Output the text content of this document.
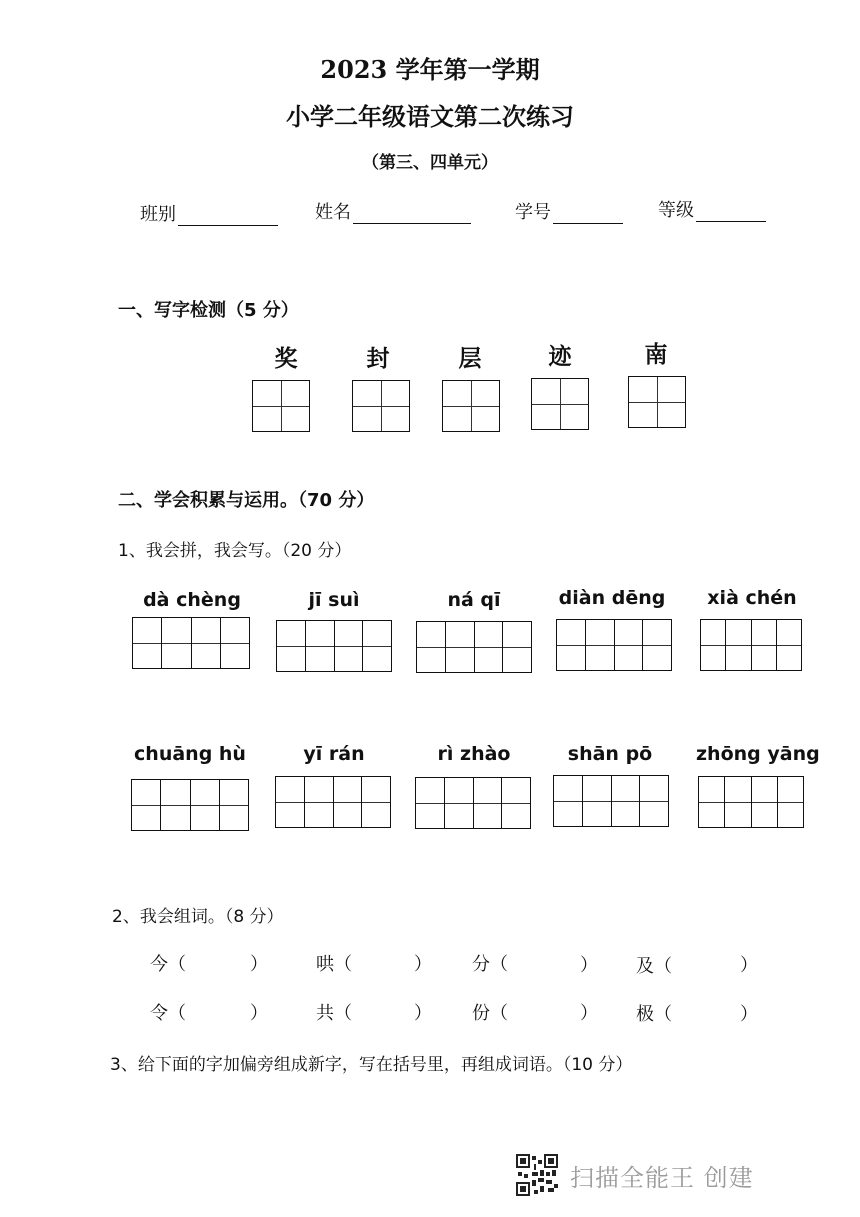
2023 学年第一学期
小学二年级语文第二次练习
（第三、四单元）
班别	姓名	学号	等级
一、写字检测（5 分）
奖	封	层	迹	南
二、学会积累与运用。（70 分）
1、我会拼，我会写。（20 分）
dà chèng	jī suì	ná qī	diàn dēng	xià chén
chuāng hù	yī rán	rì zhào	shān pō	zhōng yāng
2、我会组词。（8 分）
今（	）	哄（	） 分（	） 及（	）
令（	）	共（	） 份（	） 极（	）
3、给下面的字加偏旁组成新字，写在括号里，再组成词语。（10 分）
扫描全能王 创建
